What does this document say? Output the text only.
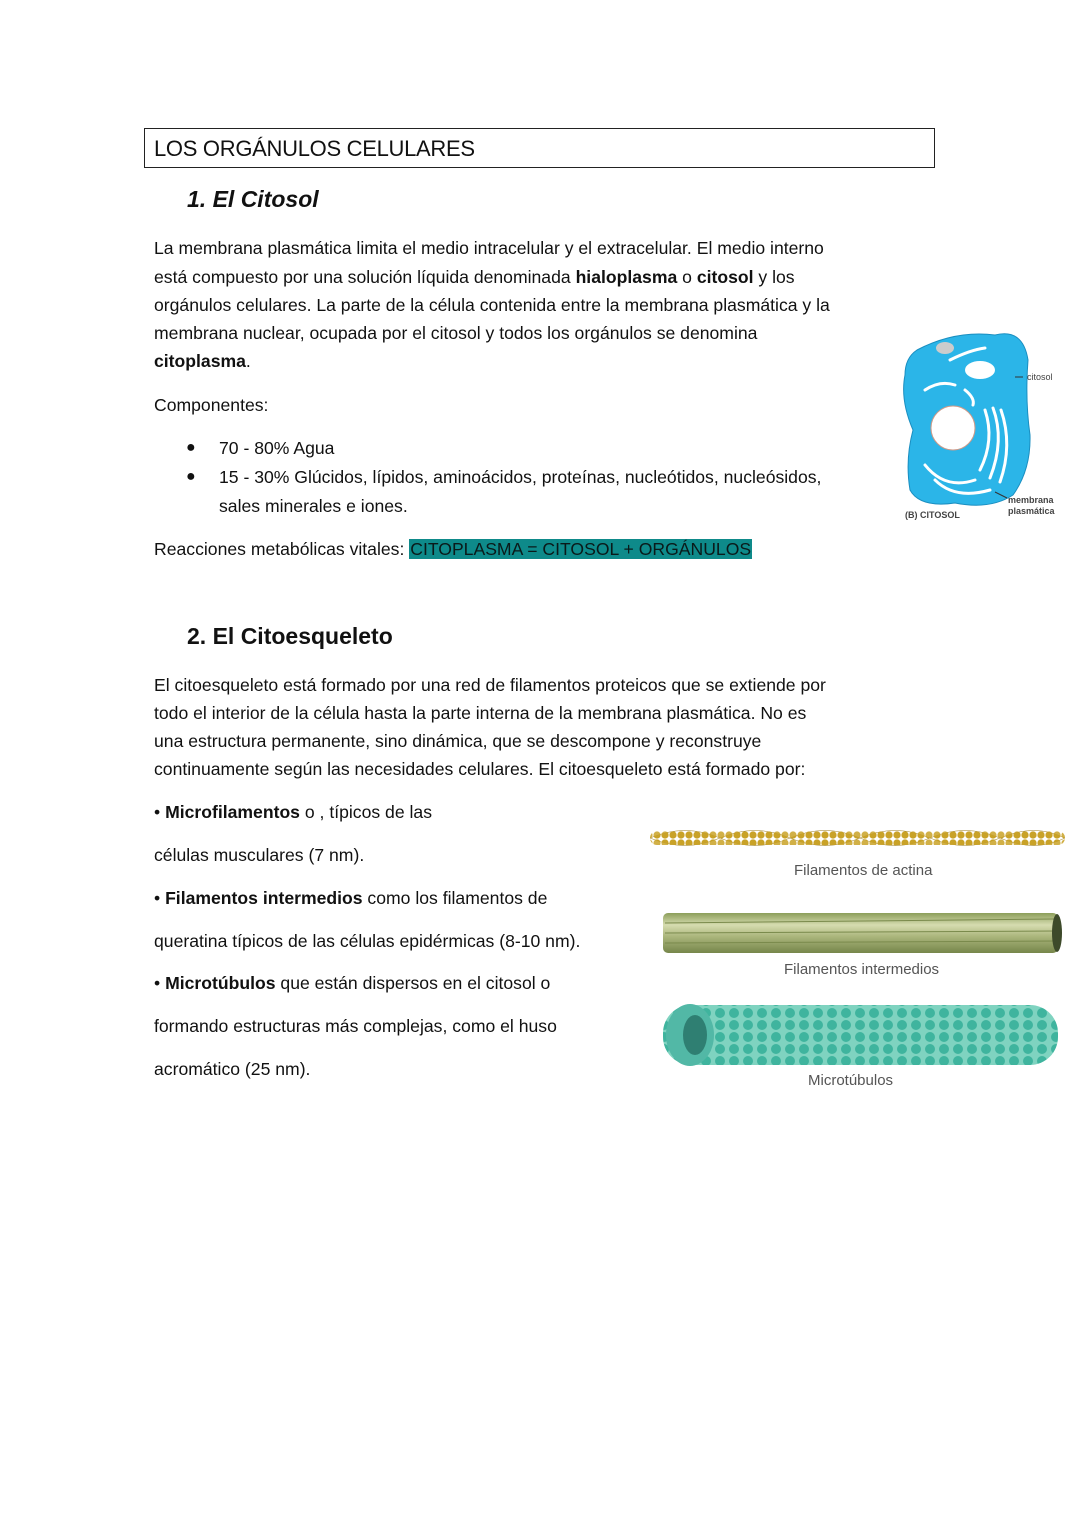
LOS ORGÁNULOS CELULARES
1. El Citosol
La membrana plasmática limita el medio intracelular y el extracelular. El medio interno
está compuesto por una solución líquida denominada hialoplasma o citosol y los
orgánulos celulares. La parte de la célula contenida entre la membrana plasmática y la
membrana nuclear, ocupada por el citosol y todos los orgánulos se denomina
citoplasma.
Componentes:
● 70 - 80% Agua
● 15 - 30% Glúcidos, lípidos, aminoácidos, proteínas, nucleótidos, nucleósidos,
sales minerales e iones.
Reacciones metabólicas vitales: CITOPLASMA = CITOSOL + ORGÁNULOS
citosol
membrana
plasmática
(B) CITOSOL
2. El Citoesqueleto
El citoesqueleto está formado por una red de filamentos proteicos que se extiende por
todo el interior de la célula hasta la parte interna de la membrana plasmática. No es
una estructura permanente, sino dinámica, que se descompone y reconstruye
continuamente según las necesidades celulares. El citoesqueleto está formado por:
• Microfilamentos o , típicos de las
células musculares (7 nm).
• Filamentos intermedios como los filamentos de
queratina típicos de las células epidérmicas (8-10 nm).
• Microtúbulos que están dispersos en el citosol o
formando estructuras más complejas, como el huso
acromático (25 nm).
Filamentos de actina
Filamentos intermedios
Microtúbulos
